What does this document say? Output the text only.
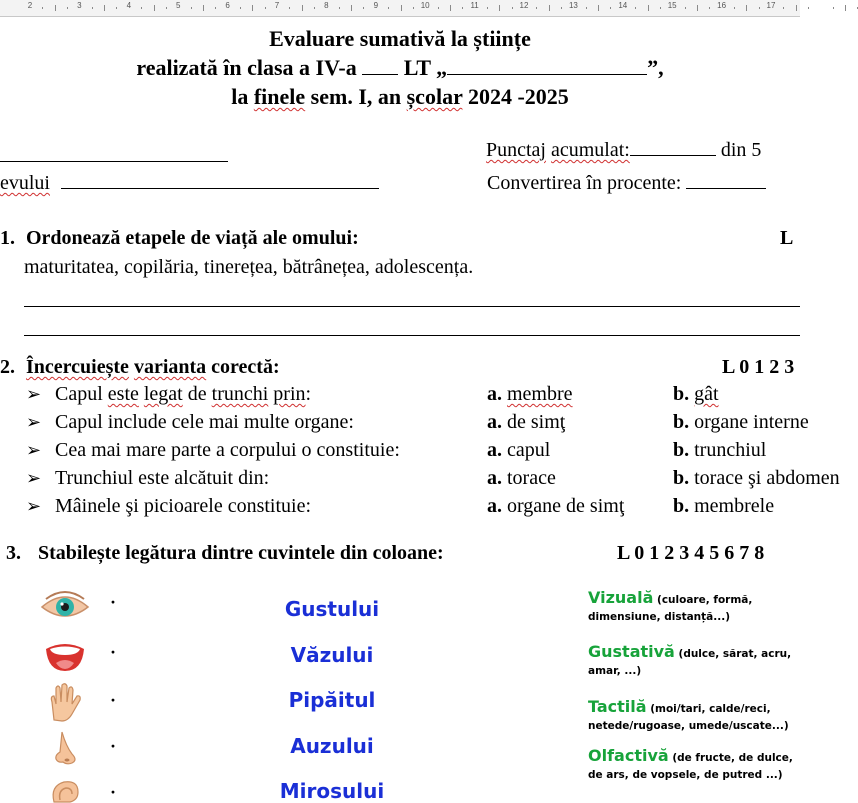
2	3	4	5	6	7	8	9	10	11	12	13	14	15	16	17
Evaluare sumativă la științe
realizată în clasa a IV-a LT „	”,
la finele sem. I, an școlar 2024 -2025
Punctaj acumulat:	din 5
evului	Convertirea în procente:
1. Ordonează etapele de viață ale omului:	L
maturitatea, copilăria, tinerețea, bătrânețea, adolescența.
2. Încercuiește varianta corectă:	L 0 1 2 3
➢ Capul este legat de trunchi prin:	a. membre	b. gât
➢ Capul include cele mai multe organe:	a. de simţ	b. organe interne
➢ Cea mai mare parte a corpului o constituie:	a. capul	b. trunchiul
➢ Trunchiul este alcătuit din:	a. torace	b. torace şi abdomen
➢ Mâinele şi picioarele constituie:	a. organe de simţ b. membrele
3. Stabilește legătura dintre cuvintele din coloane:	L 0 1 2 3 4 5 6 7 8
·
·
·
·
·
Gustului
Văzului
Pipăitul
Auzului
Mirosului
Vizuală (culoare, formă, dimensiune, distanță...)
Gustativă (dulce, sărat, acru, amar, ...)
Tactilă (moi/tari, calde/reci, netede/rugoase, umede/uscate...)
Olfactivă (de fructe, de dulce, de ars, de vopsele, de putred ...)
